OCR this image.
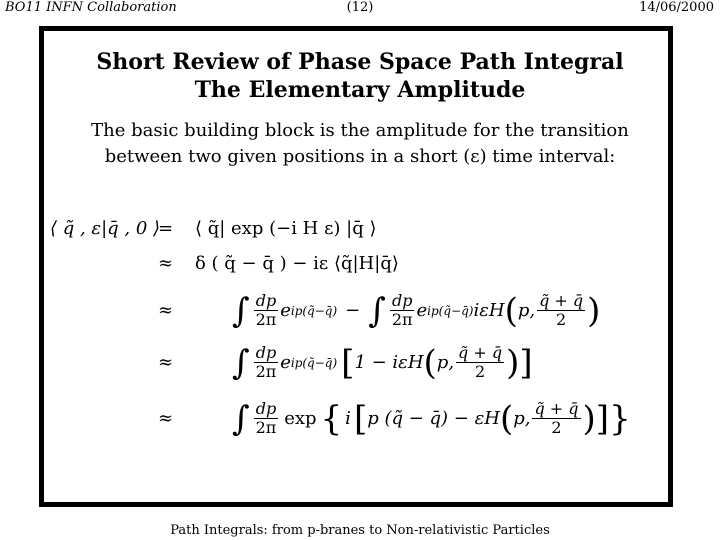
BO11 INFN Collaboration	(12)	14/06/2000
Short Review of Phase Space Path Integral
The Elementary Amplitude
The basic building block is the amplitude for the transition
between two given positions in a short (ε) time interval:
⟨ q̃ , ε|q̄ , 0 ⟩
= ⟨ q̃| exp (−i H ε) |q̄ ⟩
≈ δ ( q̃ − q̄ ) − iε ⟨q̃|H|q̄⟩
≈ ∫ $\frac{dp}{2\pi}$ e ip(q̃−q̄) − ∫ $\frac{dp}{2\pi}$ e ip(q̃−q̄) iεH ( p, $\frac{q̃ + q̄}{2}$ )
≈ ∫ $\frac{dp}{2\pi}$ e ip(q̃−q̄) [ 1 − iεH ( p, $\frac{q̃ + q̄}{2}$ ) ]
≈ ∫ $\frac{dp}{2\pi}$ exp { i [ p (q̃ − q̄) − εH ( p, $\frac{q̃ + q̄}{2}$ ) ] }
Path Integrals: from p-branes to Non-relativistic Particles
